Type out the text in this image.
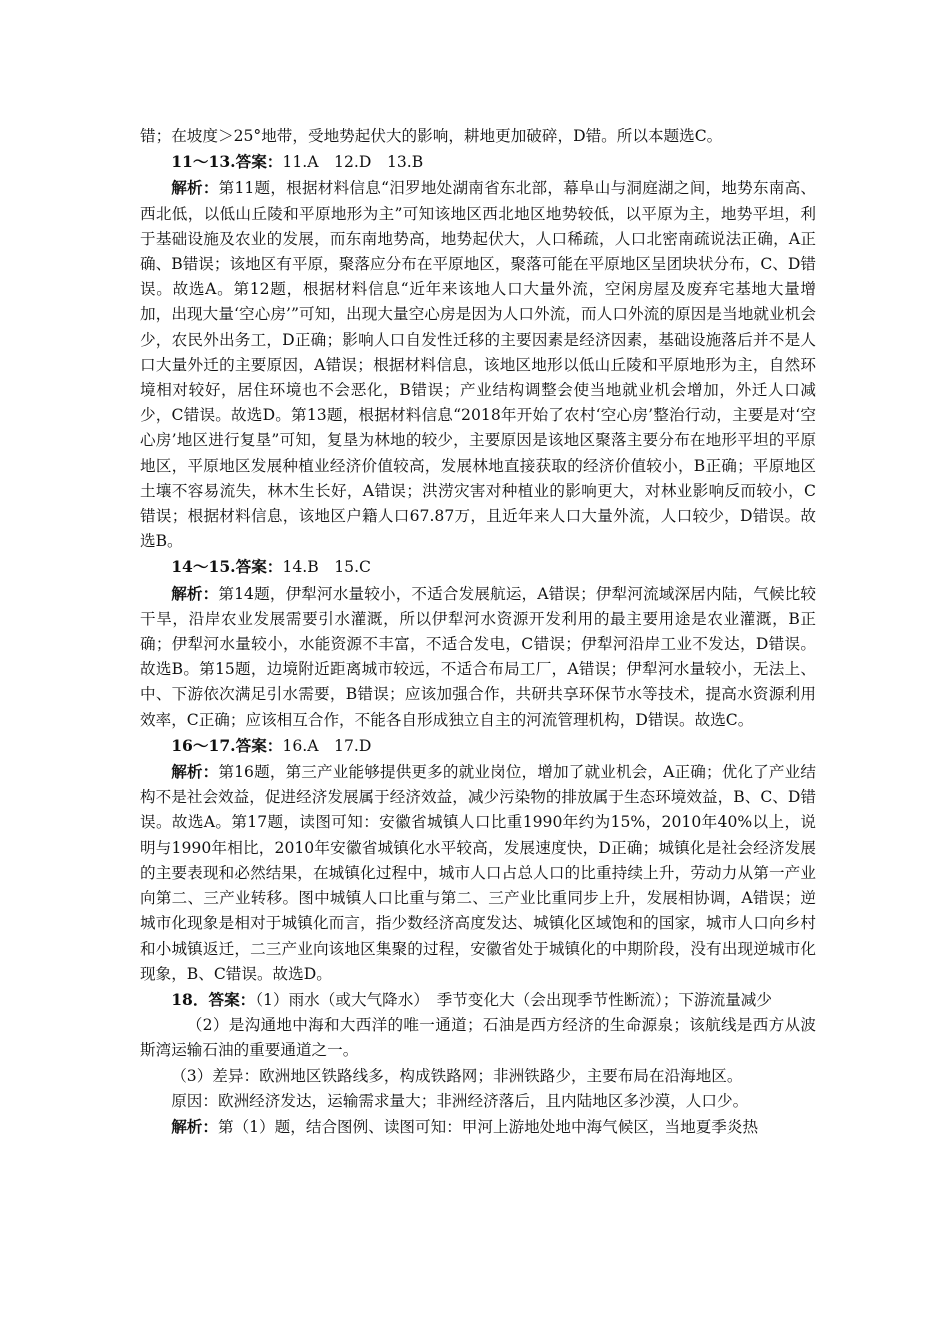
错；在坡度＞25°地带，受地势起伏大的影响，耕地更加破碎，D错。所以本题选C。

11～13.答案：11.A　12.D　13.B

解析：第11题，根据材料信息“汨罗地处湖南省东北部，幕阜山与洞庭湖之间，地势东南高、西北低，以低山丘陵和平原地形为主”可知该地区西北地区地势较低，以平原为主，地势平坦，利于基础设施及农业的发展，而东南地势高，地势起伏大，人口稀疏，人口北密南疏说法正确，A正确、B错误；该地区有平原，聚落应分布在平原地区，聚落可能在平原地区呈团块状分布，C、D错误。故选A。第12题，根据材料信息“近年来该地人口大量外流，空闲房屋及废弃宅基地大量增加，出现大量‘空心房’”可知，出现大量空心房是因为人口外流，而人口外流的原因是当地就业机会少，农民外出务工，D正确；影响人口自发性迁移的主要因素是经济因素，基础设施落后并不是人口大量外迁的主要原因，A错误；根据材料信息，该地区地形以低山丘陵和平原地形为主，自然环境相对较好，居住环境也不会恶化，B错误；产业结构调整会使当地就业机会增加，外迁人口减少，C错误。故选D。第13题，根据材料信息“2018年开始了农村‘空心房’整治行动，主要是对‘空心房’地区进行复垦”可知，复垦为林地的较少，主要原因是该地区聚落主要分布在地形平坦的平原地区，平原地区发展种植业经济价值较高，发展林地直接获取的经济价值较小，B正确；平原地区土壤不容易流失，林木生长好，A错误；洪涝灾害对种植业的影响更大，对林业影响反而较小，C错误；根据材料信息，该地区户籍人口67.87万，且近年来人口大量外流，人口较少，D错误。故选B。

14～15.答案：14.B　15.C

解析：第14题，伊犁河水量较小，不适合发展航运，A错误；伊犁河流域深居内陆，气候比较干旱，沿岸农业发展需要引水灌溉，所以伊犁河水资源开发利用的最主要用途是农业灌溉，B正确；伊犁河水量较小，水能资源不丰富，不适合发电，C错误；伊犁河沿岸工业不发达，D错误。故选B。第15题，边境附近距离城市较远，不适合布局工厂，A错误；伊犁河水量较小，无法上、中、下游依次满足引水需要，B错误；应该加强合作，共研共享环保节水等技术，提高水资源利用效率，C正确；应该相互合作，不能各自形成独立自主的河流管理机构，D错误。故选C。

16～17.答案：16.A　17.D

解析：第16题，第三产业能够提供更多的就业岗位，增加了就业机会，A正确；优化了产业结构不是社会效益，促进经济发展属于经济效益，减少污染物的排放属于生态环境效益，B、C、D错误。故选A。第17题，读图可知：安徽省城镇人口比重1990年约为15%，2010年40%以上，说明与1990年相比，2010年安徽省城镇化水平较高，发展速度快，D正确；城镇化是社会经济发展的主要表现和必然结果，在城镇化过程中，城市人口占总人口的比重持续上升，劳动力从第一产业向第二、三产业转移。图中城镇人口比重与第二、三产业比重同步上升，发展相协调，A错误；逆城市化现象是相对于城镇化而言，指少数经济高度发达、城镇化区域饱和的国家，城市人口向乡村和小城镇返迁，二三产业向该地区集聚的过程，安徽省处于城镇化的中期阶段，没有出现逆城市化现象，B、C错误。故选D。

18．答案：（1）雨水（或大气降水）　季节变化大（会出现季节性断流）；下游流量减少

（2）是沟通地中海和大西洋的唯一通道；石油是西方经济的生命源泉；该航线是西方从波斯湾运输石油的重要通道之一。

（3）差异：欧洲地区铁路线多，构成铁路网；非洲铁路少，主要布局在沿海地区。

原因：欧洲经济发达，运输需求量大；非洲经济落后，且内陆地区多沙漠，人口少。

解析：第（1）题，结合图例、读图可知：甲河上游地处地中海气候区，当地夏季炎热
